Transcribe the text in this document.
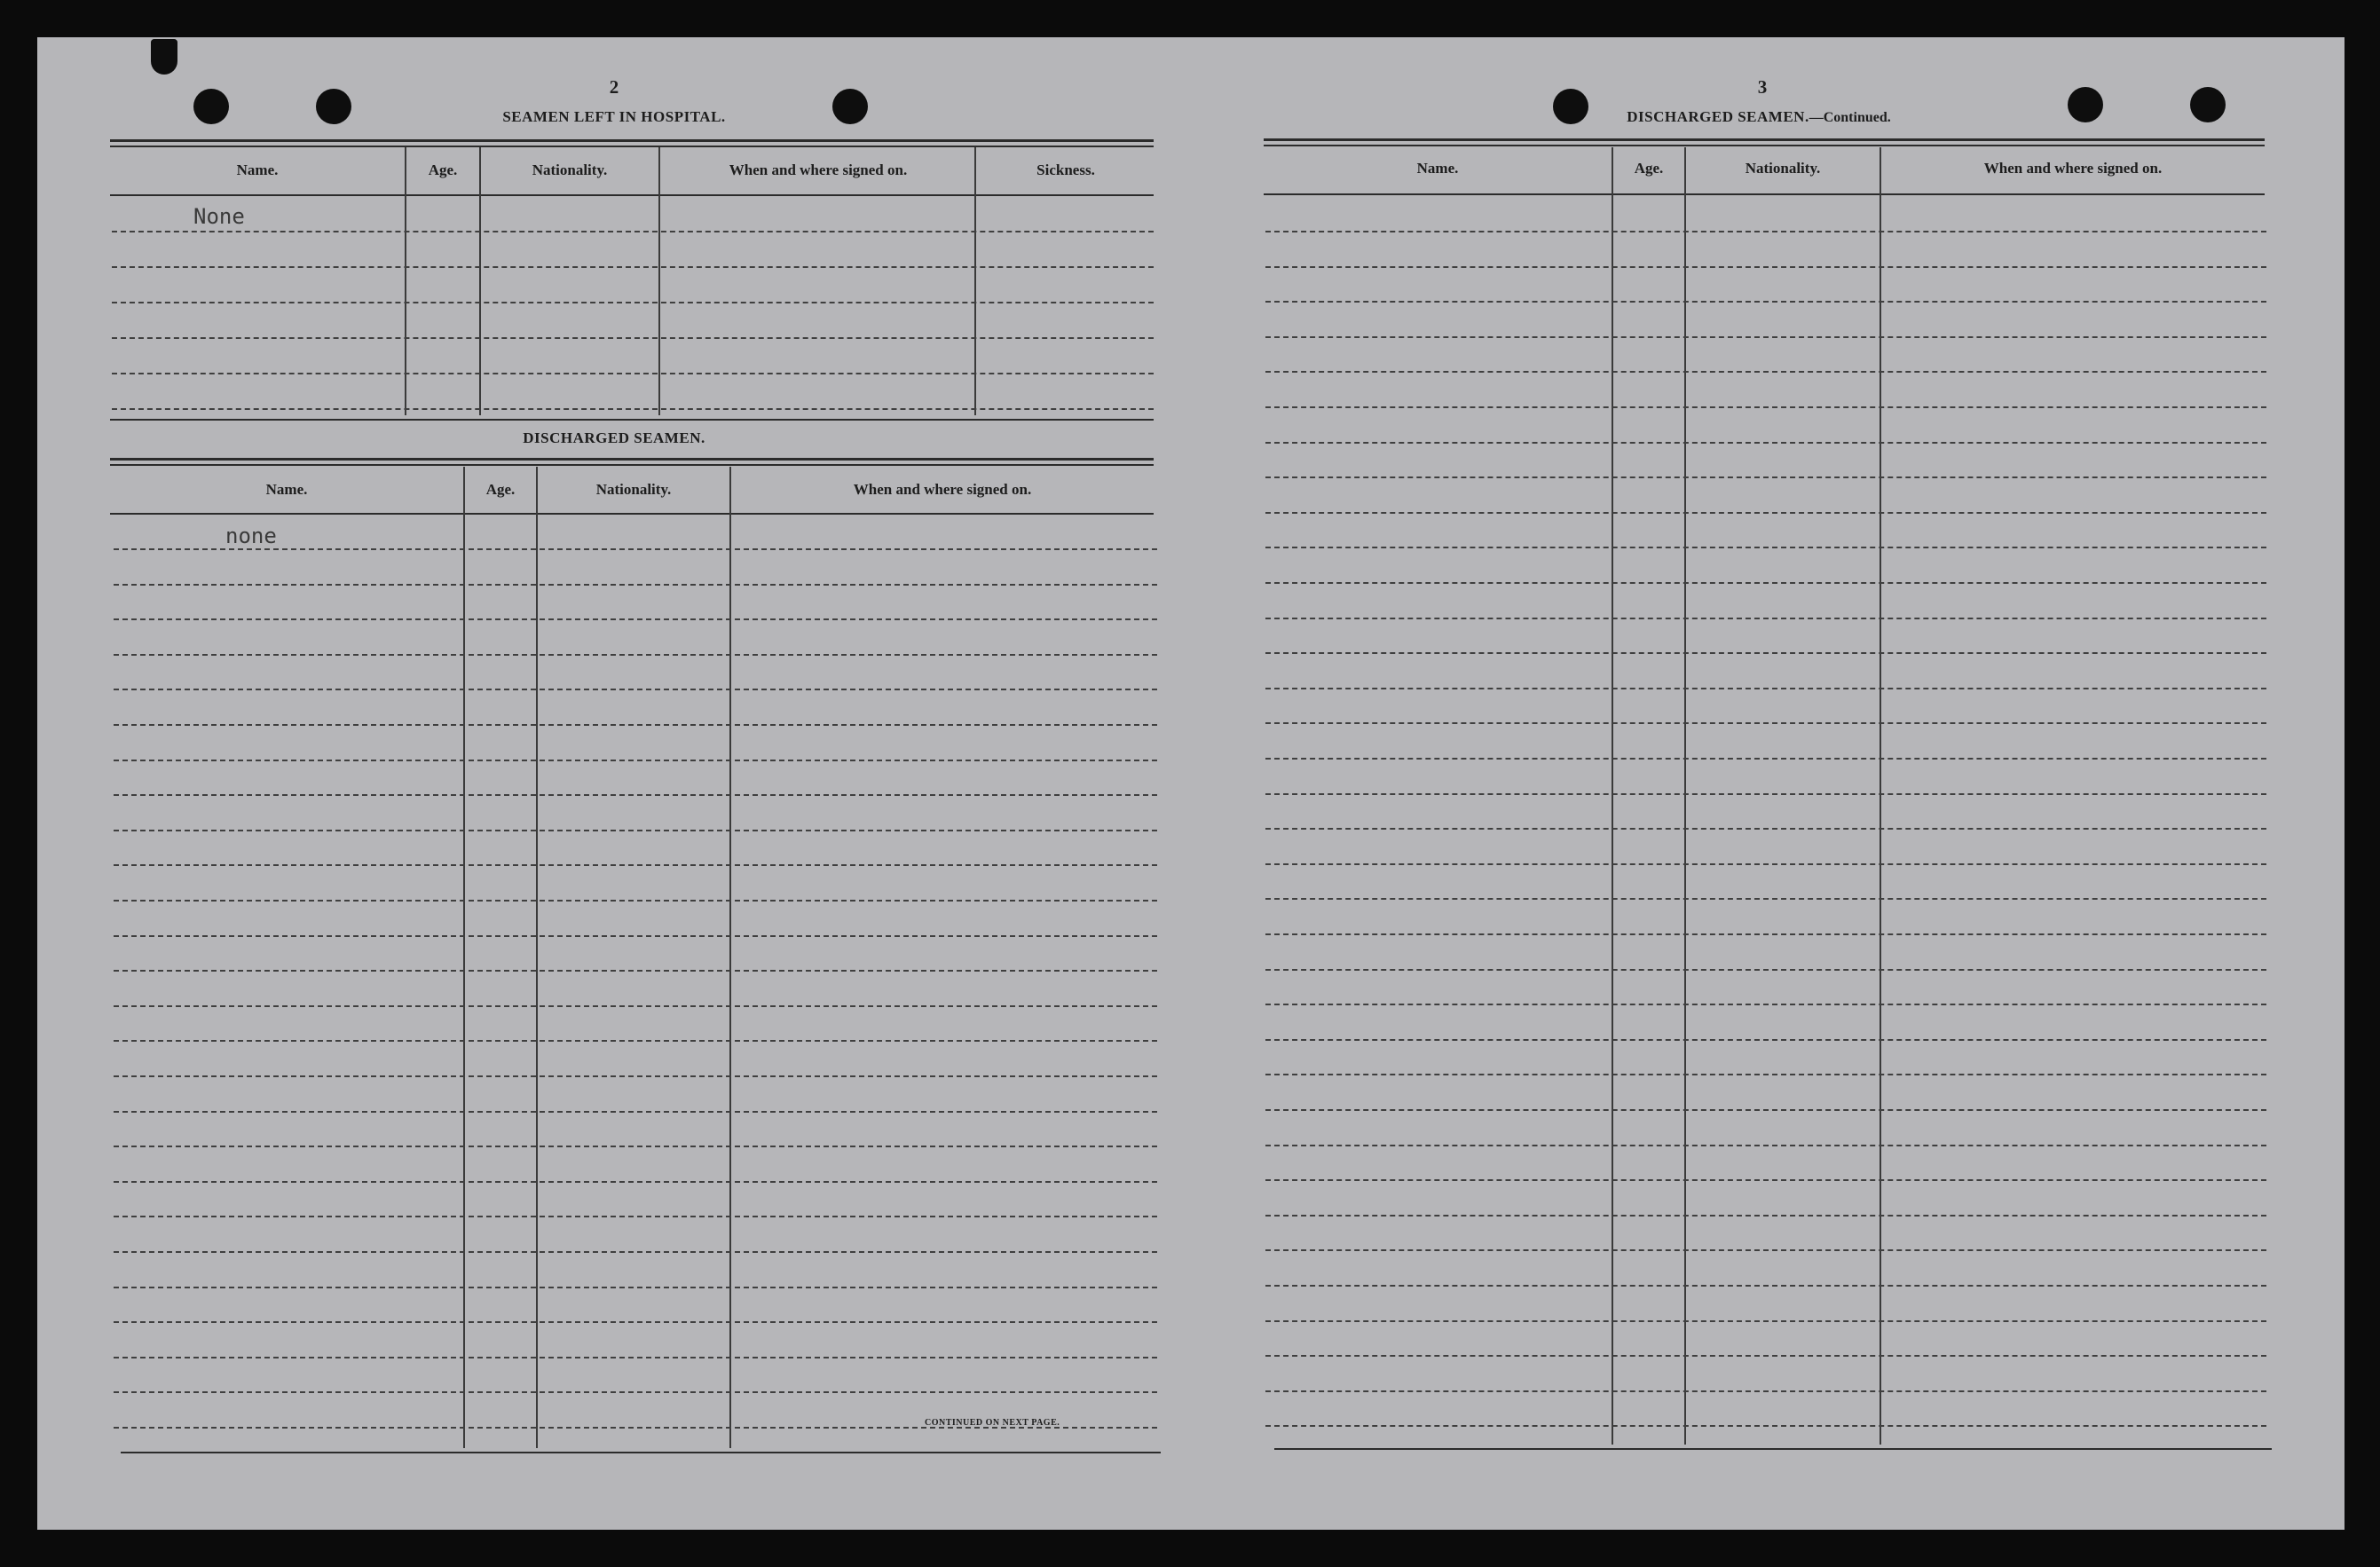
2
SEAMEN LEFT IN HOSPITAL.
Name.	Age.	Nationality.	When and where signed on.	Sickness.
None
DISCHARGED SEAMEN.
Name.	Age.	Nationality.	When and where signed on.
none
CONTINUED ON NEXT PAGE.
3
DISCHARGED SEAMEN.—Continued.
Name.	Age.	Nationality.	When and where signed on.
